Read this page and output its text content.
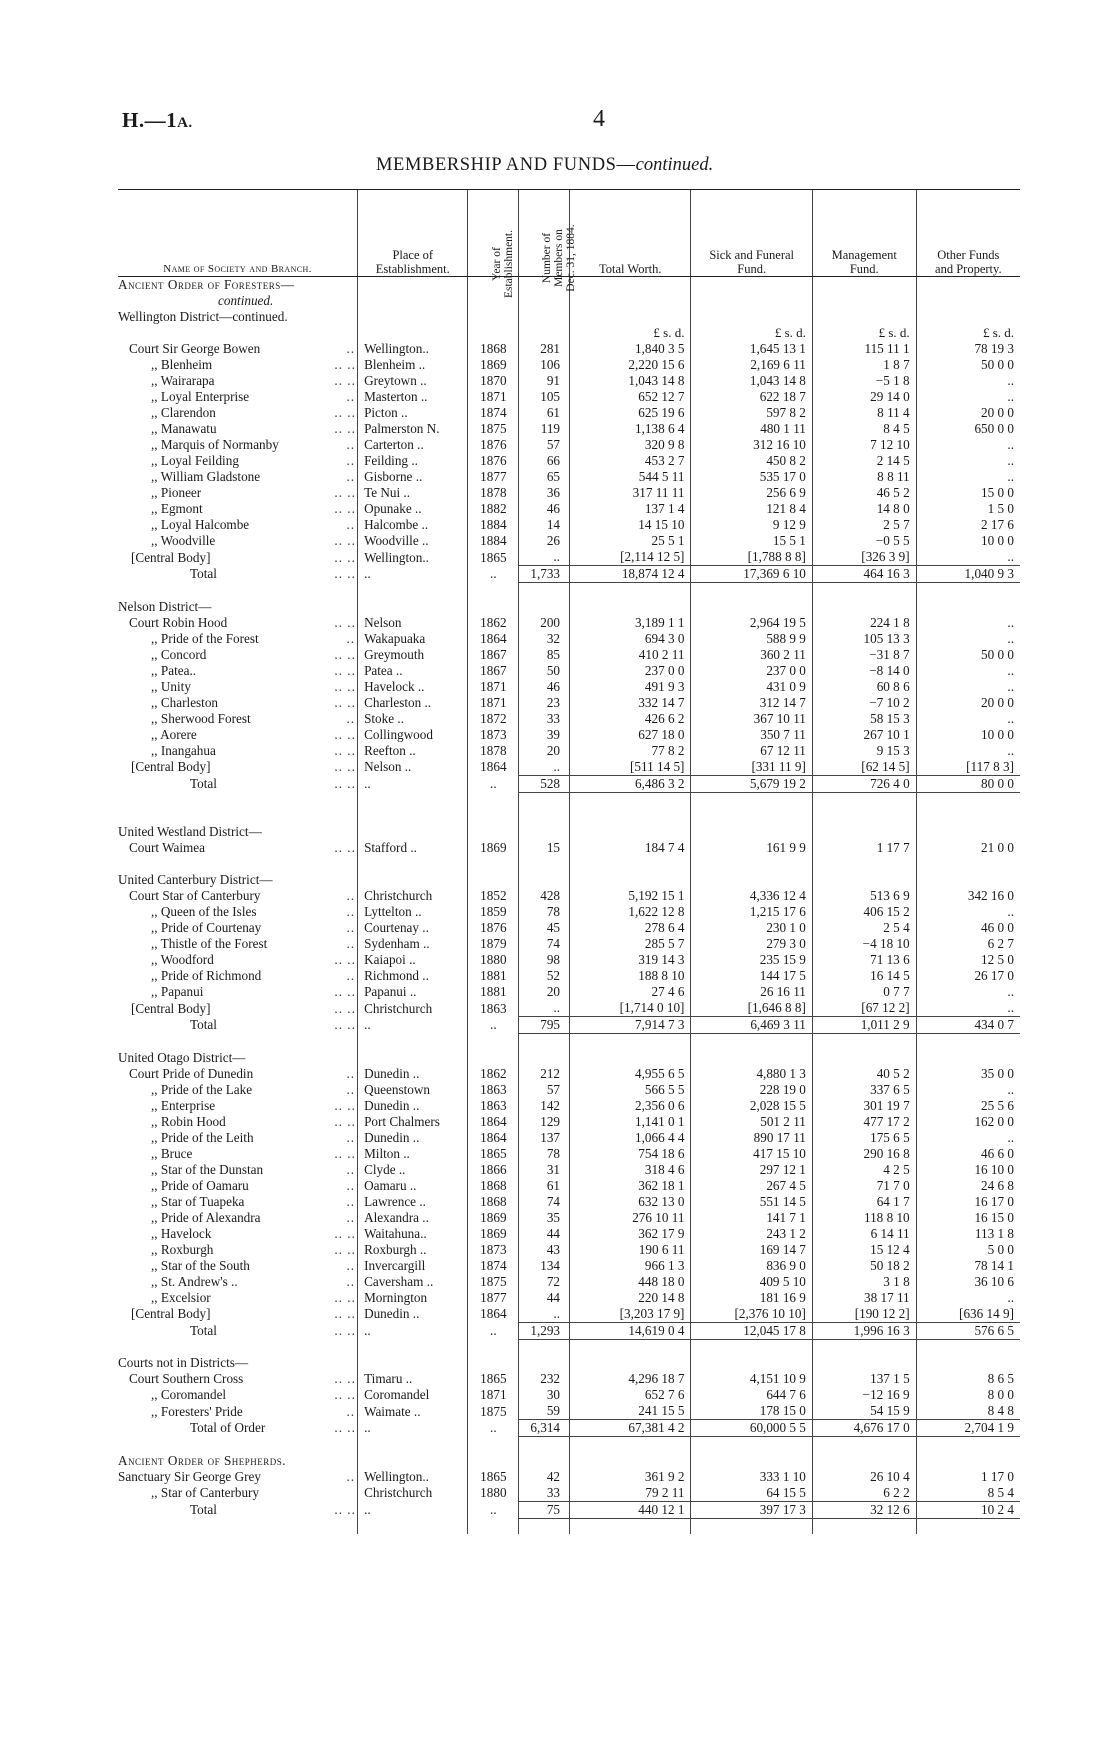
H.—1A.	4
MEMBERSHIP AND FUNDS—continued.
Name of Society and Branch.		Place of Establishment.	Year of Establishment.	Number of Members on Dec. 31, 1884.	Total Worth.	Sick and Funeral Fund.	Management Fund.	Other Funds and Property.

Ancient Order of Foresters—								
continued.								
Wellington District—continued.								
					£ s. d.	£ s. d.	£ s. d.	£ s. d.
Court Sir George Bowen	..	Wellington..	1868	281	1,840 3 5	1,645 13 1	115 11 1	78 19 3
,, Blenheim	.. ..	Blenheim ..	1869	106	2,220 15 6	2,169 6 11	1 8 7	50 0 0
,, Wairarapa	.. ..	Greytown ..	1870	91	1,043 14 8	1,043 14 8	−5 1 8	..
,, Loyal Enterprise	..	Masterton ..	1871	105	652 12 7	622 18 7	29 14 0	..
,, Clarendon	.. ..	Picton ..	1874	61	625 19 6	597 8 2	8 11 4	20 0 0
,, Manawatu	.. ..	Palmerston N.	1875	119	1,138 6 4	480 1 11	8 4 5	650 0 0
,, Marquis of Normanby	..	Carterton ..	1876	57	320 9 8	312 16 10	7 12 10	..
,, Loyal Feilding	..	Feilding ..	1876	66	453 2 7	450 8 2	2 14 5	..
,, William Gladstone	..	Gisborne ..	1877	65	544 5 11	535 17 0	8 8 11	..
,, Pioneer	.. ..	Te Nui ..	1878	36	317 11 11	256 6 9	46 5 2	15 0 0
,, Egmont	.. ..	Opunake ..	1882	46	137 1 4	121 8 4	14 8 0	1 5 0
,, Loyal Halcombe	..	Halcombe ..	1884	14	14 15 10	9 12 9	2 5 7	2 17 6
,, Woodville	.. ..	Woodville ..	1884	26	25 5 1	15 5 1	−0 5 5	10 0 0
[Central Body]	.. ..	Wellington..	1865	..	[2,114 12 5]	[1,788 8 8]	[326 3 9]	..
Total	.. ..	..	..	1,733	18,874 12 4	17,369 6 10	464 16 3	1,040 9 3

Nelson District—								
Court Robin Hood	.. ..	Nelson	1862	200	3,189 1 1	2,964 19 5	224 1 8	..
,, Pride of the Forest	..	Wakapuaka	1864	32	694 3 0	588 9 9	105 13 3	..
,, Concord	.. ..	Greymouth	1867	85	410 2 11	360 2 11	−31 8 7	50 0 0
,, Patea..	.. ..	Patea ..	1867	50	237 0 0	237 0 0	−8 14 0	..
,, Unity	.. ..	Havelock ..	1871	46	491 9 3	431 0 9	60 8 6	..
,, Charleston	.. ..	Charleston ..	1871	23	332 14 7	312 14 7	−7 10 2	20 0 0
,, Sherwood Forest	..	Stoke ..	1872	33	426 6 2	367 10 11	58 15 3	..
,, Aorere	.. ..	Collingwood	1873	39	627 18 0	350 7 11	267 10 1	10 0 0
,, Inangahua	.. ..	Reefton ..	1878	20	77 8 2	67 12 11	9 15 3	..
[Central Body]	.. ..	Nelson ..	1864	..	[511 14 5]	[331 11 9]	[62 14 5]	[117 8 3]
Total	.. ..	..	..	528	6,486 3 2	5,679 19 2	726 4 0	80 0 0

United Westland District—								
Court Waimea	.. ..	Stafford ..	1869	15	184 7 4	161 9 9	1 17 7	21 0 0

United Canterbury District—								
Court Star of Canterbury	..	Christchurch	1852	428	5,192 15 1	4,336 12 4	513 6 9	342 16 0
,, Queen of the Isles	..	Lyttelton ..	1859	78	1,622 12 8	1,215 17 6	406 15 2	..
,, Pride of Courtenay	..	Courtenay ..	1876	45	278 6 4	230 1 0	2 5 4	46 0 0
,, Thistle of the Forest	..	Sydenham ..	1879	74	285 5 7	279 3 0	−4 18 10	6 2 7
,, Woodford	.. ..	Kaiapoi ..	1880	98	319 14 3	235 15 9	71 13 6	12 5 0
,, Pride of Richmond	..	Richmond ..	1881	52	188 8 10	144 17 5	16 14 5	26 17 0
,, Papanui	.. ..	Papanui ..	1881	20	27 4 6	26 16 11	0 7 7	..
[Central Body]	.. ..	Christchurch	1863	..	[1,714 0 10]	[1,646 8 8]	[67 12 2]	..
Total	.. ..	..	..	795	7,914 7 3	6,469 3 11	1,011 2 9	434 0 7

United Otago District—								
Court Pride of Dunedin	..	Dunedin ..	1862	212	4,955 6 5	4,880 1 3	40 5 2	35 0 0
,, Pride of the Lake	..	Queenstown	1863	57	566 5 5	228 19 0	337 6 5	..
,, Enterprise	.. ..	Dunedin ..	1863	142	2,356 0 6	2,028 15 5	301 19 7	25 5 6
,, Robin Hood	.. ..	Port Chalmers	1864	129	1,141 0 1	501 2 11	477 17 2	162 0 0
,, Pride of the Leith	..	Dunedin ..	1864	137	1,066 4 4	890 17 11	175 6 5	..
,, Bruce	.. ..	Milton ..	1865	78	754 18 6	417 15 10	290 16 8	46 6 0
,, Star of the Dunstan	..	Clyde ..	1866	31	318 4 6	297 12 1	4 2 5	16 10 0
,, Pride of Oamaru	..	Oamaru ..	1868	61	362 18 1	267 4 5	71 7 0	24 6 8
,, Star of Tuapeka	..	Lawrence ..	1868	74	632 13 0	551 14 5	64 1 7	16 17 0
,, Pride of Alexandra	..	Alexandra ..	1869	35	276 10 11	141 7 1	118 8 10	16 15 0
,, Havelock	.. ..	Waitahuna..	1869	44	362 17 9	243 1 2	6 14 11	113 1 8
,, Roxburgh	.. ..	Roxburgh ..	1873	43	190 6 11	169 14 7	15 12 4	5 0 0
,, Star of the South	..	Invercargill	1874	134	966 1 3	836 9 0	50 18 2	78 14 1
,, St. Andrew's ..	..	Caversham ..	1875	72	448 18 0	409 5 10	3 1 8	36 10 6
,, Excelsior	.. ..	Mornington	1877	44	220 14 8	181 16 9	38 17 11	..
[Central Body]	.. ..	Dunedin ..	1864	..	[3,203 17 9]	[2,376 10 10]	[190 12 2]	[636 14 9]
Total	.. ..	..	..	1,293	14,619 0 4	12,045 17 8	1,996 16 3	576 6 5

Courts not in Districts—								
Court Southern Cross	.. ..	Timaru ..	1865	232	4,296 18 7	4,151 10 9	137 1 5	8 6 5
,, Coromandel	.. ..	Coromandel	1871	30	652 7 6	644 7 6	−12 16 9	8 0 0
,, Foresters' Pride	..	Waimate ..	1875	59	241 15 5	178 15 0	54 15 9	8 4 8
Total of Order	.. ..	..	..	6,314	67,381 4 2	60,000 5 5	4,676 17 0	2,704 1 9

Ancient Order of Shepherds.								
Sanctuary Sir George Grey	..	Wellington..	1865	42	361 9 2	333 1 10	26 10 4	1 17 0
,, Star of Canterbury		Christchurch	1880	33	79 2 11	64 15 5	6 2 2	8 5 4
Total	.. ..	..	..	75	440 12 1	397 17 3	32 12 6	10 2 4
